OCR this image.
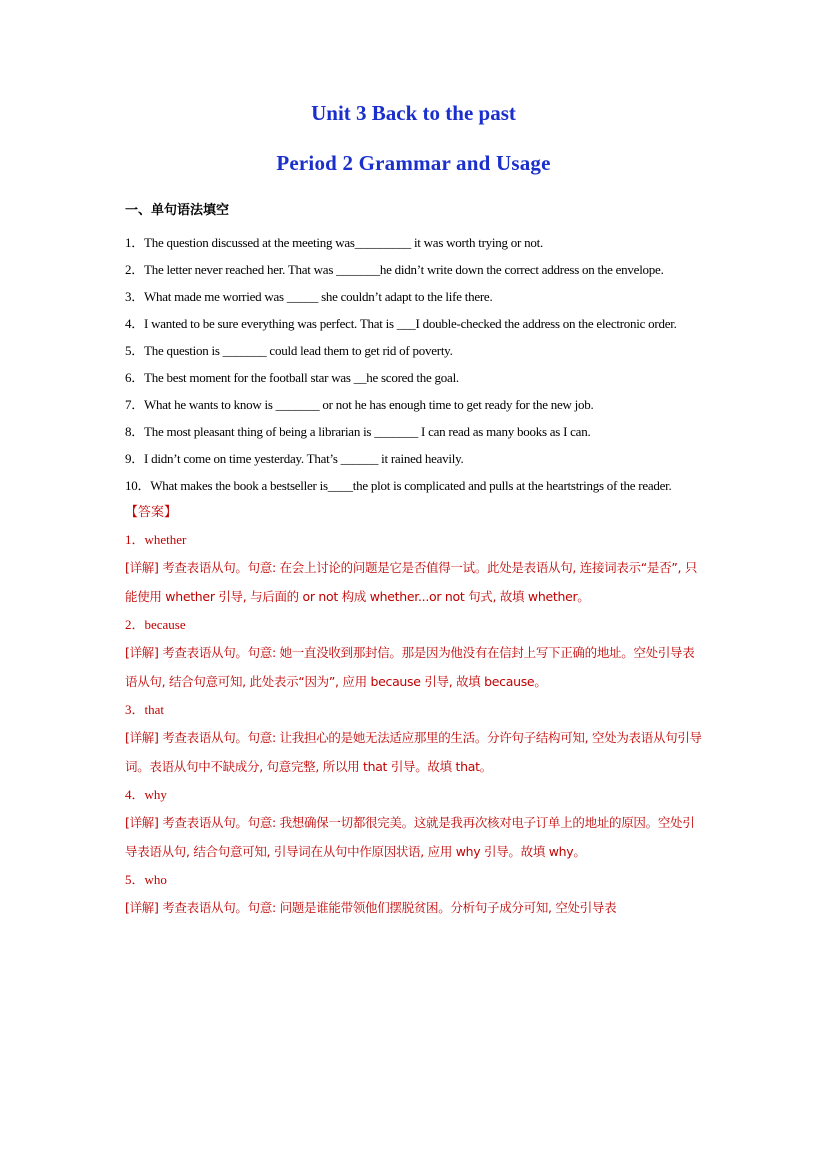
Unit 3 Back to the past
Period 2 Grammar and Usage

一、单句语法填空

1．The question discussed at the meeting was_________ it was worth trying or not.

2．The letter never reached her. That was _______he didn’t write down the correct address on the envelope.

3．What made me worried was _____ she couldn’t adapt to the life there.

4．I wanted to be sure everything was perfect. That is ___I double-checked the address on the electronic order.

5．The question is _______ could lead them to get rid of poverty.

6．The best moment for the football star was __he scored the goal.

7．What he wants to know is _______ or not he has enough time to get ready for the new job.

8．The most pleasant thing of being a librarian is _______ I can read as many books as I can.

9．I didn’t come on time yesterday. That’s ______ it rained heavily.

10．What makes the book a bestseller is____the plot is complicated and pulls at the heartstrings of the reader.

【答案】

1．whether

[详解] 考查表语从句。句意: 在会上讨论的问题是它是否值得一试。此处是表语从句, 连接词表示“是否”, 只能使用 whether 引导, 与后面的 or not 构成 whether...or not 句式, 故填 whether。

2．because

[详解] 考查表语从句。句意: 她一直没收到那封信。那是因为他没有在信封上写下正确的地址。空处引导表语从句, 结合句意可知, 此处表示“因为”, 应用 because 引导, 故填 because。

3．that

[详解] 考查表语从句。句意: 让我担心的是她无法适应那里的生活。分许句子结构可知, 空处为表语从句引导词。表语从句中不缺成分, 句意完整, 所以用 that 引导。故填 that。

4．why

[详解] 考查表语从句。句意: 我想确保一切都很完美。这就是我再次核对电子订单上的地址的原因。空处引导表语从句, 结合句意可知, 引导词在从句中作原因状语, 应用 why 引导。故填 why。

5．who

[详解] 考查表语从句。句意: 问题是谁能带领他们摆脱贫困。分析句子成分可知, 空处引导表
